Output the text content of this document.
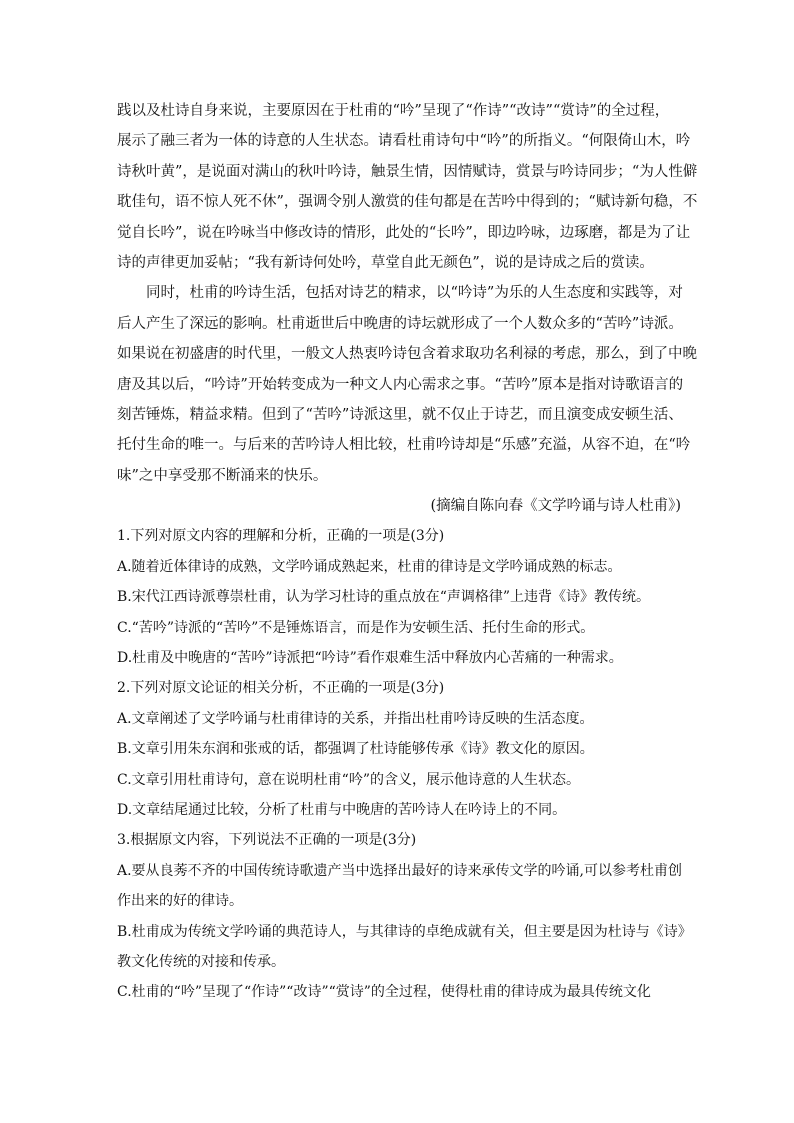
践以及杜诗自身来说，主要原因在于杜甫的“吟”呈现了“作诗”“改诗”“赏诗”的全过程，
展示了融三者为一体的诗意的人生状态。请看杜甫诗句中“吟”的所指义。“何限倚山木，吟
诗秋叶黄”，是说面对满山的秋叶吟诗，触景生情，因情赋诗，赏景与吟诗同步；“为人性僻
耽佳句，语不惊人死不休”，强调令别人激赏的佳句都是在苦吟中得到的；“赋诗新句稳，不
觉自长吟”，说在吟咏当中修改诗的情形，此处的“长吟”，即边吟咏，边琢磨，都是为了让
诗的声律更加妥帖；“我有新诗何处吟，草堂自此无颜色”，说的是诗成之后的赏读。
同时，杜甫的吟诗生活，包括对诗艺的精求，以“吟诗”为乐的人生态度和实践等，对
后人产生了深远的影响。杜甫逝世后中晚唐的诗坛就形成了一个人数众多的“苦吟”诗派。
如果说在初盛唐的时代里，一般文人热衷吟诗包含着求取功名利禄的考虑，那么，到了中晚
唐及其以后，“吟诗”开始转变成为一种文人内心需求之事。“苦吟”原本是指对诗歌语言的
刻苦锤炼，精益求精。但到了“苦吟”诗派这里，就不仅止于诗艺，而且演变成安顿生活、
托付生命的唯一。与后来的苦吟诗人相比较，杜甫吟诗却是“乐感”充溢，从容不迫，在“吟
味”之中享受那不断涌来的快乐。
(摘编自陈向春《文学吟诵与诗人杜甫》)
1.下列对原文内容的理解和分析，正确的一项是(3分)
A.随着近体律诗的成熟，文学吟诵成熟起来，杜甫的律诗是文学吟诵成熟的标志。
B.宋代江西诗派尊崇杜甫，认为学习杜诗的重点放在“声调格律”上违背《诗》教传统。
C.“苦吟”诗派的“苦吟”不是锤炼语言，而是作为安顿生活、托付生命的形式。
D.杜甫及中晚唐的“苦吟”诗派把“吟诗”看作艰难生活中释放内心苦痛的一种需求。
2.下列对原文论证的相关分析，不正确的一项是(3分)
A.文章阐述了文学吟诵与杜甫律诗的关系，并指出杜甫吟诗反映的生活态度。
B.文章引用朱东润和张戒的话，都强调了杜诗能够传承《诗》教文化的原因。
C.文章引用杜甫诗句，意在说明杜甫“吟”的含义，展示他诗意的人生状态。
D.文章结尾通过比较，分析了杜甫与中晚唐的苦吟诗人在吟诗上的不同。
3.根据原文内容，下列说法不正确的一项是(3分)
A.要从良莠不齐的中国传统诗歌遗产当中选择出最好的诗来承传文学的吟诵,可以参考杜甫创
作出来的好的律诗。
B.杜甫成为传统文学吟诵的典范诗人，与其律诗的卓绝成就有关，但主要是因为杜诗与《诗》
教文化传统的对接和传承。
C.杜甫的“吟”呈现了“作诗”“改诗”“赏诗”的全过程，使得杜甫的律诗成为最具传统文化
